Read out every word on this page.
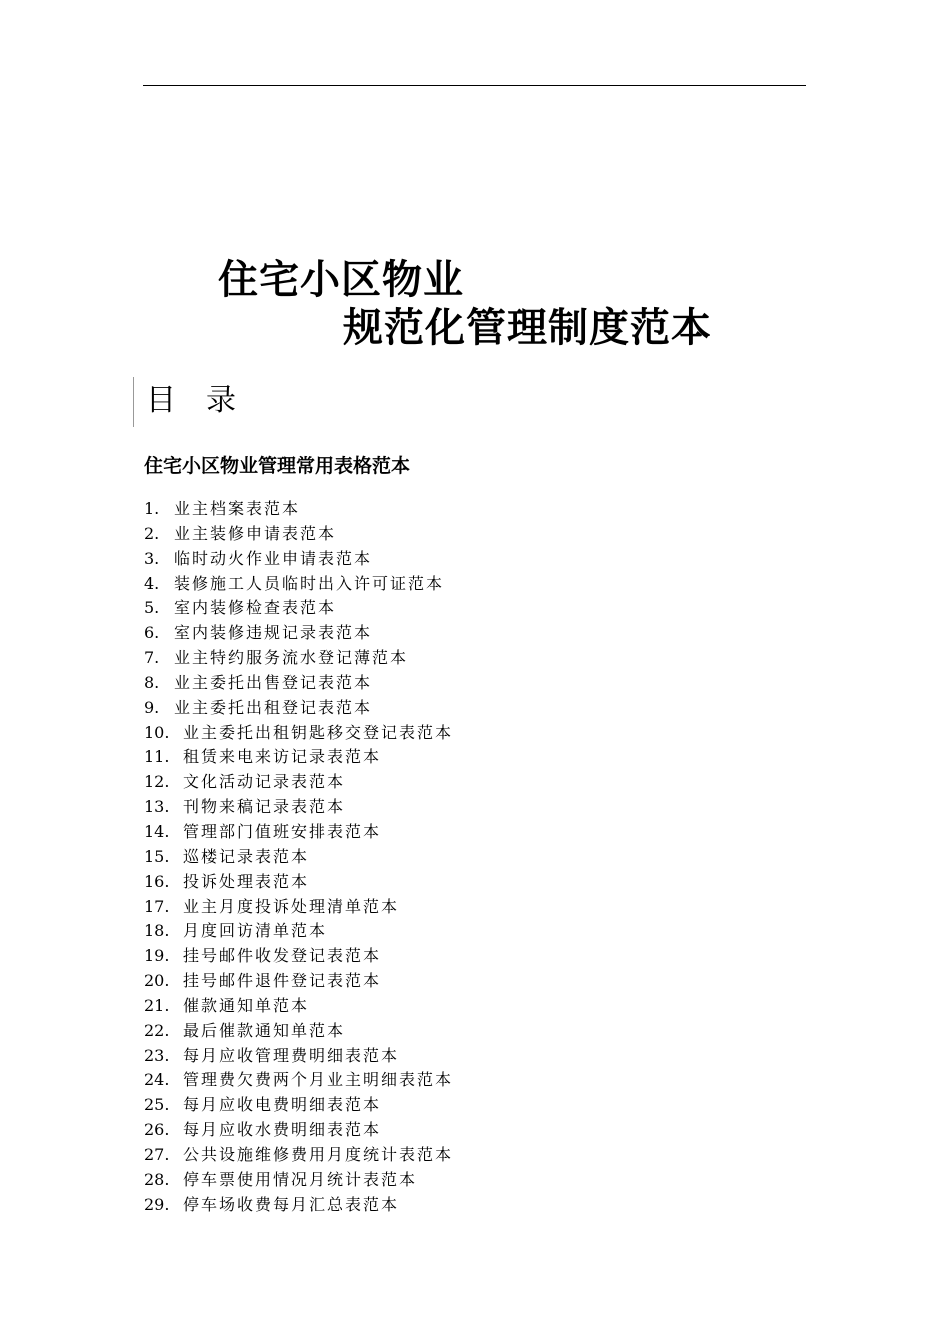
住宅小区物业
规范化管理制度范本
目录
住宅小区物业管理常用表格范本
1. 业主档案表范本
2. 业主装修申请表范本
3. 临时动火作业申请表范本
4. 装修施工人员临时出入许可证范本
5. 室内装修检查表范本
6. 室内装修违规记录表范本
7. 业主特约服务流水登记薄范本
8. 业主委托出售登记表范本
9. 业主委托出租登记表范本
10. 业主委托出租钥匙移交登记表范本
11. 租赁来电来访记录表范本
12. 文化活动记录表范本
13. 刊物来稿记录表范本
14. 管理部门值班安排表范本
15. 巡楼记录表范本
16. 投诉处理表范本
17. 业主月度投诉处理清单范本
18. 月度回访清单范本
19. 挂号邮件收发登记表范本
20. 挂号邮件退件登记表范本
21. 催款通知单范本
22. 最后催款通知单范本
23. 每月应收管理费明细表范本
24. 管理费欠费两个月业主明细表范本
25. 每月应收电费明细表范本
26. 每月应收水费明细表范本
27. 公共设施维修费用月度统计表范本
28. 停车票使用情况月统计表范本
29. 停车场收费每月汇总表范本
